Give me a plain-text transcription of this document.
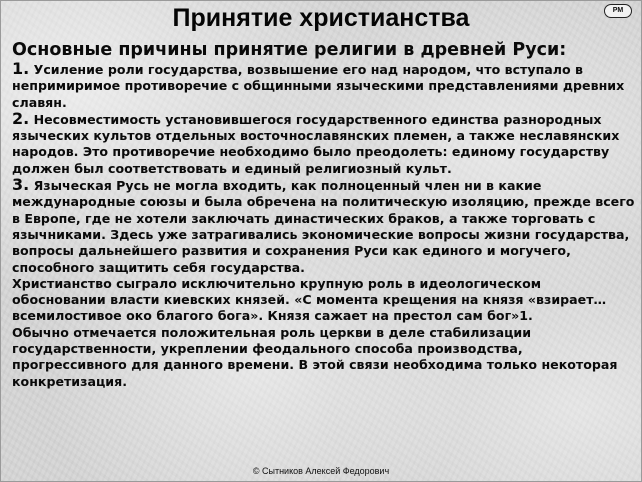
Принятие христианства	PM

Основные причины принятие религии в древней Руси:

1. Усиление роли государства, возвышение его над народом, что вступало в непримиримое противоречие с общинными языческими представлениями древних славян.

2. Несовместимость установившегося государственного единства разнородных языческих культов отдельных восточнославянских племен, а также неславянских народов. Это противоречие необходимо было преодолеть: единому государству должен был соответствовать и единый религиозный культ.

3. Языческая Русь не могла входить, как полноценный член ни в какие международные союзы и была обречена на политическую изоляцию, прежде всего в Европе, где не хотели заключать династических браков, а также торговать с язычниками. Здесь уже затрагивались экономические вопросы жизни государства, вопросы дальнейшего развития и сохранения Руси как единого и могучего, способного защитить себя государства.

Христианство сыграло исключительно крупную роль в идеологическом обосновании власти киевских князей. «С момента крещения на князя «взирает… всемилостивое око благого бога». Князя сажает на престол сам бог»1.

Обычно отмечается положительная роль церкви в деле стабилизации государственности, укреплении феодального способа производства, прогрессивного для данного времени. В этой связи необходима только некоторая конкретизация.

© Сытников Алексей Федорович
